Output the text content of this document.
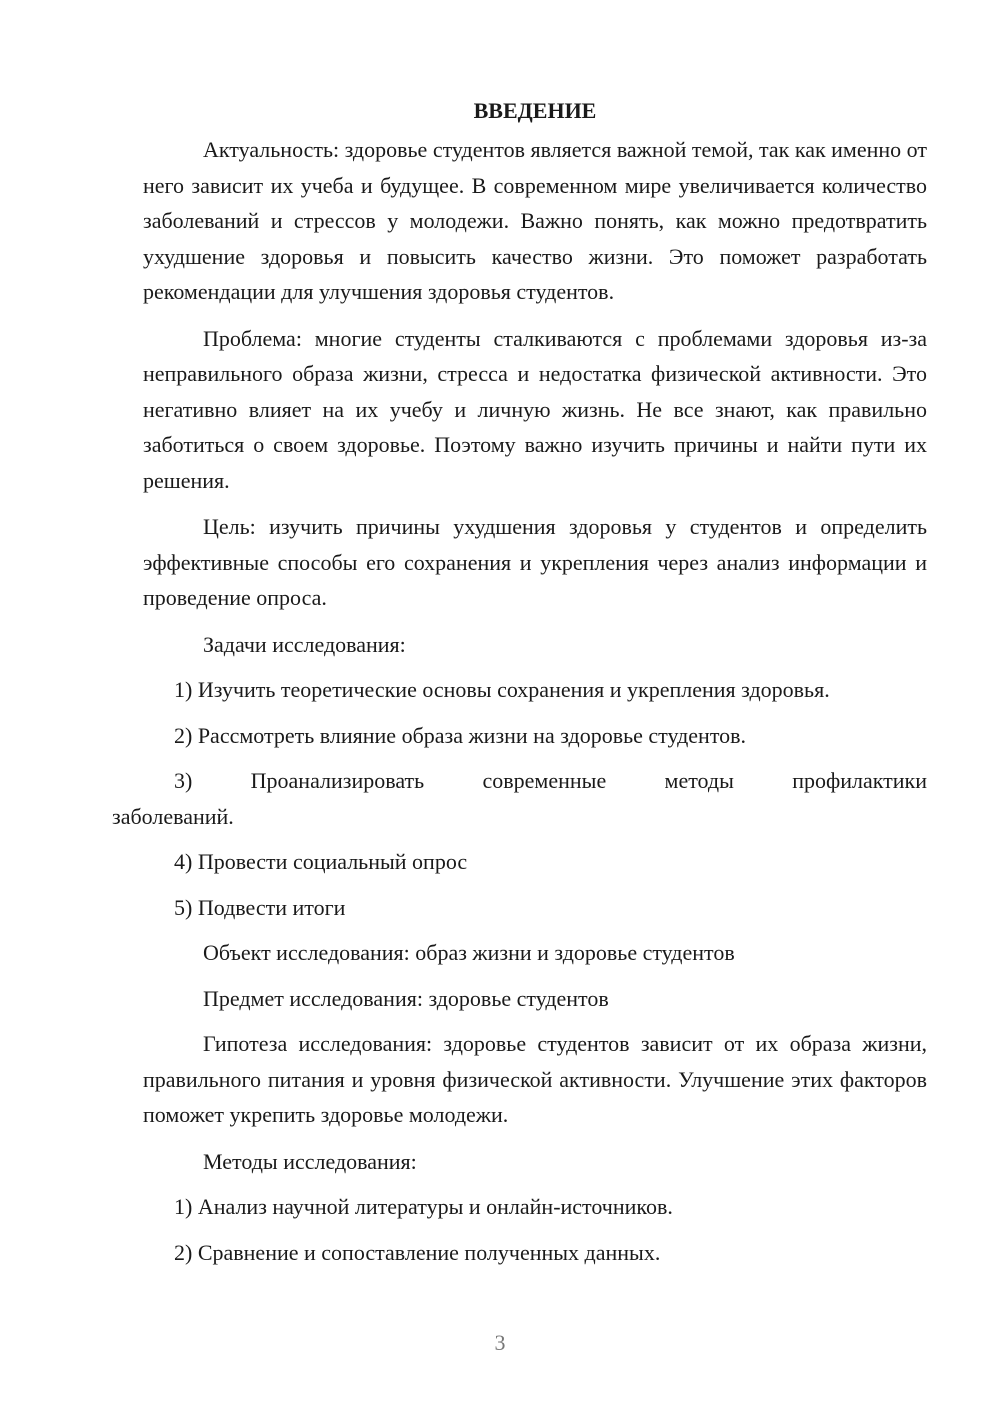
ВВЕДЕНИЕ

Актуальность: здоровье студентов является важной темой, так как именно от него зависит их учеба и будущее. В современном мире увеличивается количество заболеваний и стрессов у молодежи. Важно понять, как можно предотвратить ухудшение здоровья и повысить качество жизни. Это поможет разработать рекомендации для улучшения здоровья студентов.

Проблема: многие студенты сталкиваются с проблемами здоровья из-за неправильного образа жизни, стресса и недостатка физической активности. Это негативно влияет на их учебу и личную жизнь. Не все знают, как правильно заботиться о своем здоровье. Поэтому важно изучить причины и найти пути их решения.

Цель: изучить причины ухудшения здоровья у студентов и определить эффективные способы его сохранения и укрепления через анализ информации и проведение опроса.

Задачи исследования:

1) Изучить теоретические основы сохранения и укрепления здоровья.

2) Рассмотреть влияние образа жизни на здоровье студентов.

3) Проанализировать современные методы профилактики
заболеваний.

4) Провести социальный опрос

5) Подвести итоги

Объект исследования: образ жизни и здоровье студентов

Предмет исследования: здоровье студентов

Гипотеза исследования: здоровье студентов зависит от их образа жизни, правильного питания и уровня физической активности. Улучшение этих факторов поможет укрепить здоровье молодежи.

Методы исследования:

1) Анализ научной литературы и онлайн-источников.

2) Сравнение и сопоставление полученных данных.

3
